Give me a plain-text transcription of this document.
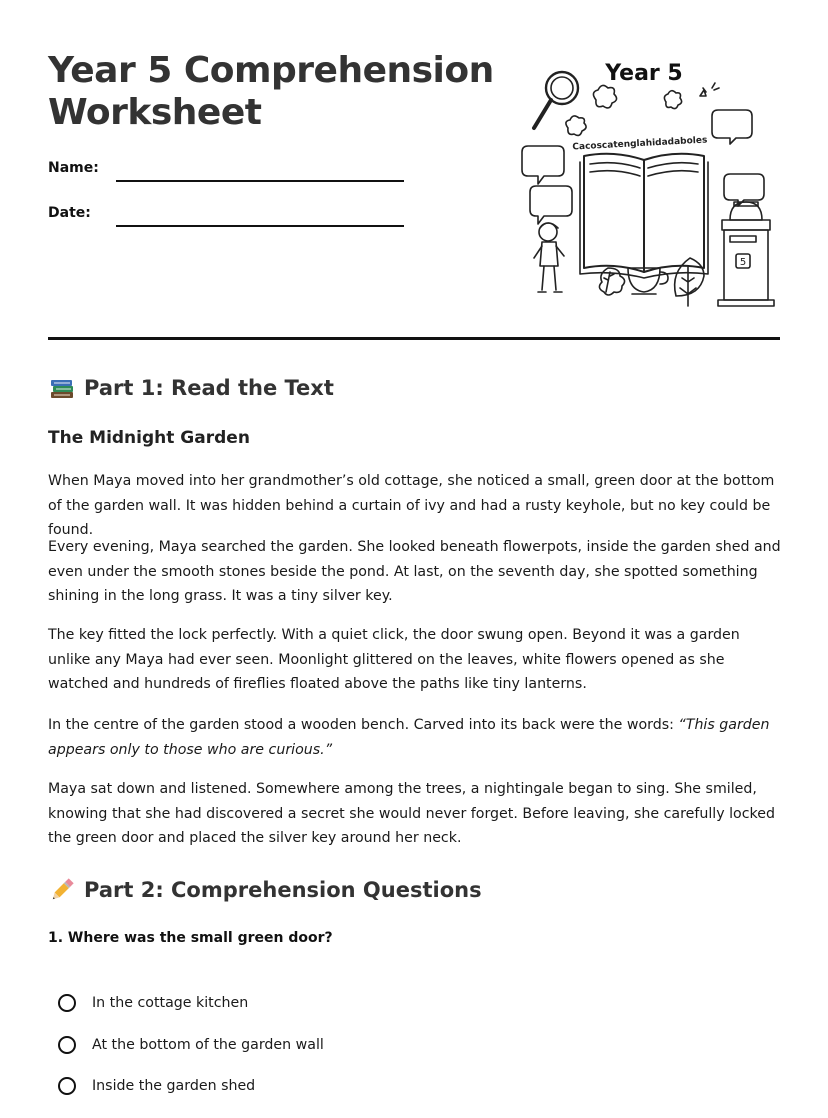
Year 5 Comprehension
Worksheet
Name:
Date:
Year 5
Cacoscatenglahidadaboles
5
Part 1: Read the Text
The Midnight Garden

When Maya moved into her grandmother’s old cottage, she noticed a small, green door at the bottom of the garden wall. It was hidden behind a curtain of ivy and had a rusty keyhole, but no key could be found.

Every evening, Maya searched the garden. She looked beneath flowerpots, inside the garden shed and even under the smooth stones beside the pond. At last, on the seventh day, she spotted something shining in the long grass. It was a tiny silver key.

The key fitted the lock perfectly. With a quiet click, the door swung open. Beyond it was a garden unlike any Maya had ever seen. Moonlight glittered on the leaves, white flowers opened as she watched and hundreds of fireflies floated above the paths like tiny lanterns.

In the centre of the garden stood a wooden bench. Carved into its back were the words: “This garden appears only to those who are curious.”

Maya sat down and listened. Somewhere among the trees, a nightingale began to sing. She smiled, knowing that she had discovered a secret she would never forget. Before leaving, she carefully locked the green door and placed the silver key around her neck.

Part 2: Comprehension Questions

1. Where was the small green door?

In the cottage kitchen
At the bottom of the garden wall
Inside the garden shed
